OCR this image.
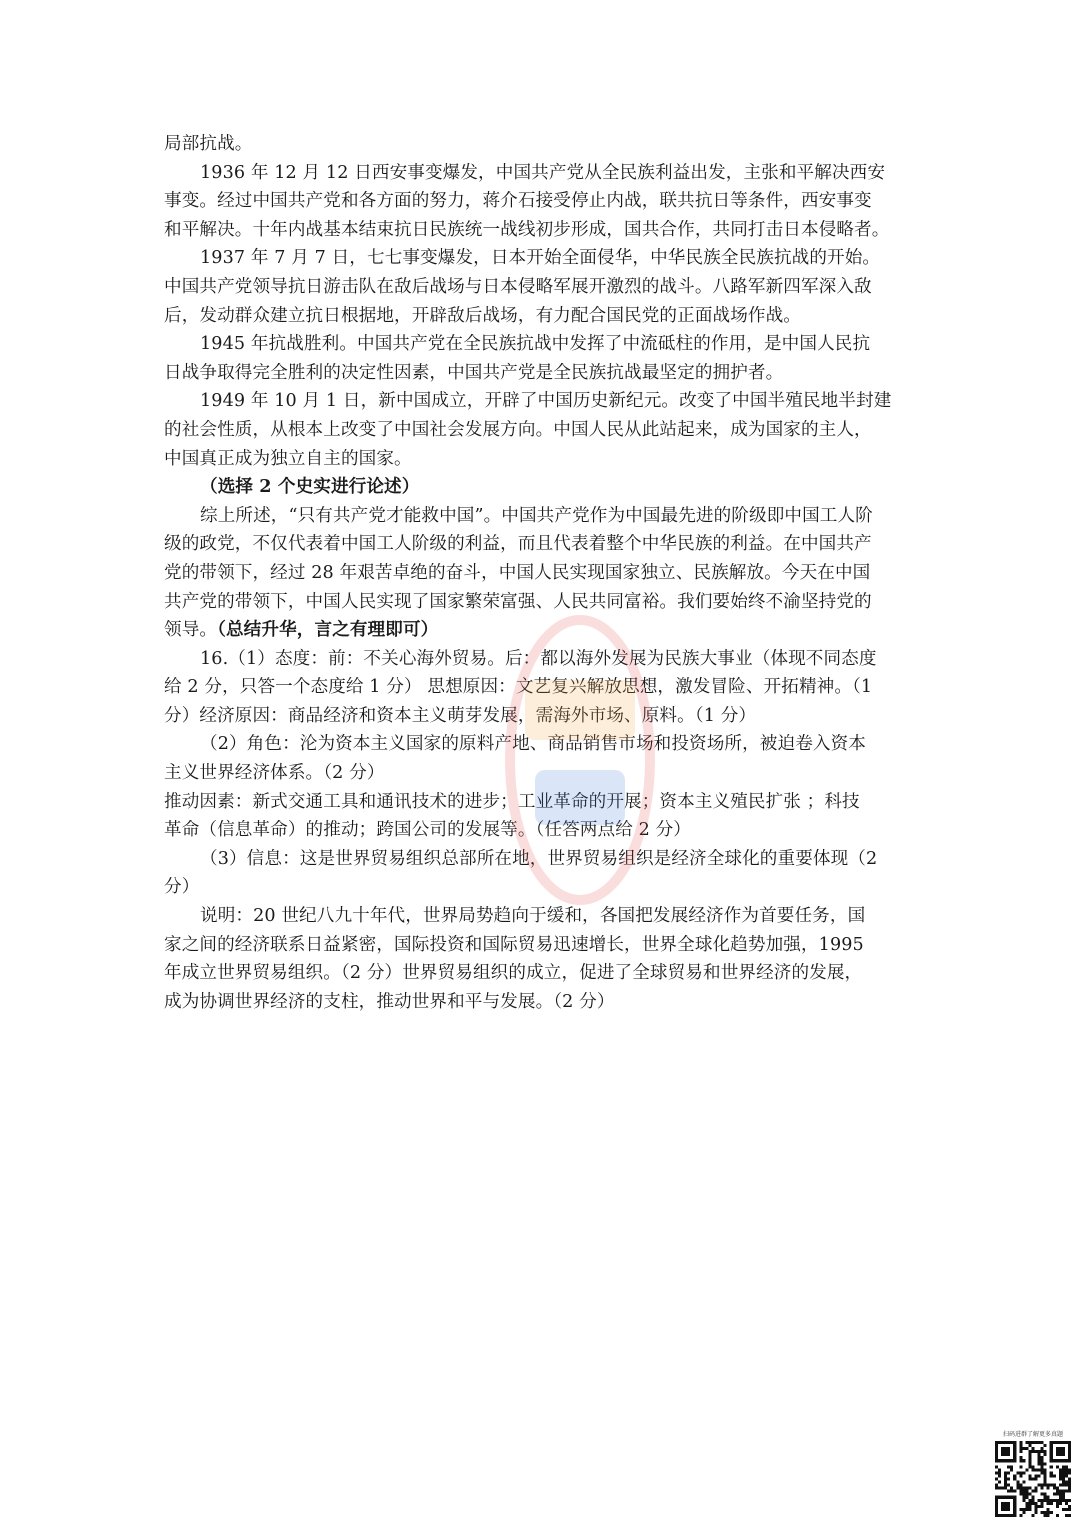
局部抗战。
1936 年 12 月 12 日西安事变爆发，中国共产党从全民族利益出发，主张和平解决西安
事变。经过中国共产党和各方面的努力，蒋介石接受停止内战，联共抗日等条件，西安事变
和平解决。十年内战基本结束抗日民族统一战线初步形成，国共合作，共同打击日本侵略者。
1937 年 7 月 7 日，七七事变爆发，日本开始全面侵华，中华民族全民族抗战的开始。
中国共产党领导抗日游击队在敌后战场与日本侵略军展开激烈的战斗。八路军新四军深入敌
后，发动群众建立抗日根据地，开辟敌后战场，有力配合国民党的正面战场作战。
1945 年抗战胜利。中国共产党在全民族抗战中发挥了中流砥柱的作用，是中国人民抗
日战争取得完全胜利的决定性因素，中国共产党是全民族抗战最坚定的拥护者。
1949 年 10 月 1 日，新中国成立，开辟了中国历史新纪元。改变了中国半殖民地半封建
的社会性质，从根本上改变了中国社会发展方向。中国人民从此站起来，成为国家的主人，
中国真正成为独立自主的国家。
（选择 2 个史实进行论述）
综上所述，“只有共产党才能救中国”。中国共产党作为中国最先进的阶级即中国工人阶
级的政党，不仅代表着中国工人阶级的利益，而且代表着整个中华民族的利益。在中国共产
党的带领下，经过 28 年艰苦卓绝的奋斗，中国人民实现国家独立、民族解放。今天在中国
共产党的带领下，中国人民实现了国家繁荣富强、人民共同富裕。我们要始终不渝坚持党的
领导。（总结升华，言之有理即可）
16.（1）态度：前：不关心海外贸易。后：都以海外发展为民族大事业（体现不同态度
给 2 分，只答一个态度给 1 分） 思想原因：文艺复兴解放思想，激发冒险、开拓精神。（1
分）经济原因：商品经济和资本主义萌芽发展，需海外市场、原料。（1 分）
（2）角色：沦为资本主义国家的原料产地、商品销售市场和投资场所，被迫卷入资本
主义世界经济体系。（2 分）
推动因素：新式交通工具和通讯技术的进步；工业革命的开展；资本主义殖民扩张 ；科技
革命（信息革命）的推动；跨国公司的发展等。（任答两点给 2 分）
（3）信息：这是世界贸易组织总部所在地，世界贸易组织是经济全球化的重要体现（2
分）
说明：20 世纪八九十年代，世界局势趋向于缓和，各国把发展经济作为首要任务，国
家之间的经济联系日益紧密，国际投资和国际贸易迅速增长，世界全球化趋势加强，1995
年成立世界贸易组织。（2 分）世界贸易组织的成立，促进了全球贸易和世界经济的发展，
成为协调世界经济的支柱，推动世界和平与发展。（2 分）
扫码进群了解更多真题
